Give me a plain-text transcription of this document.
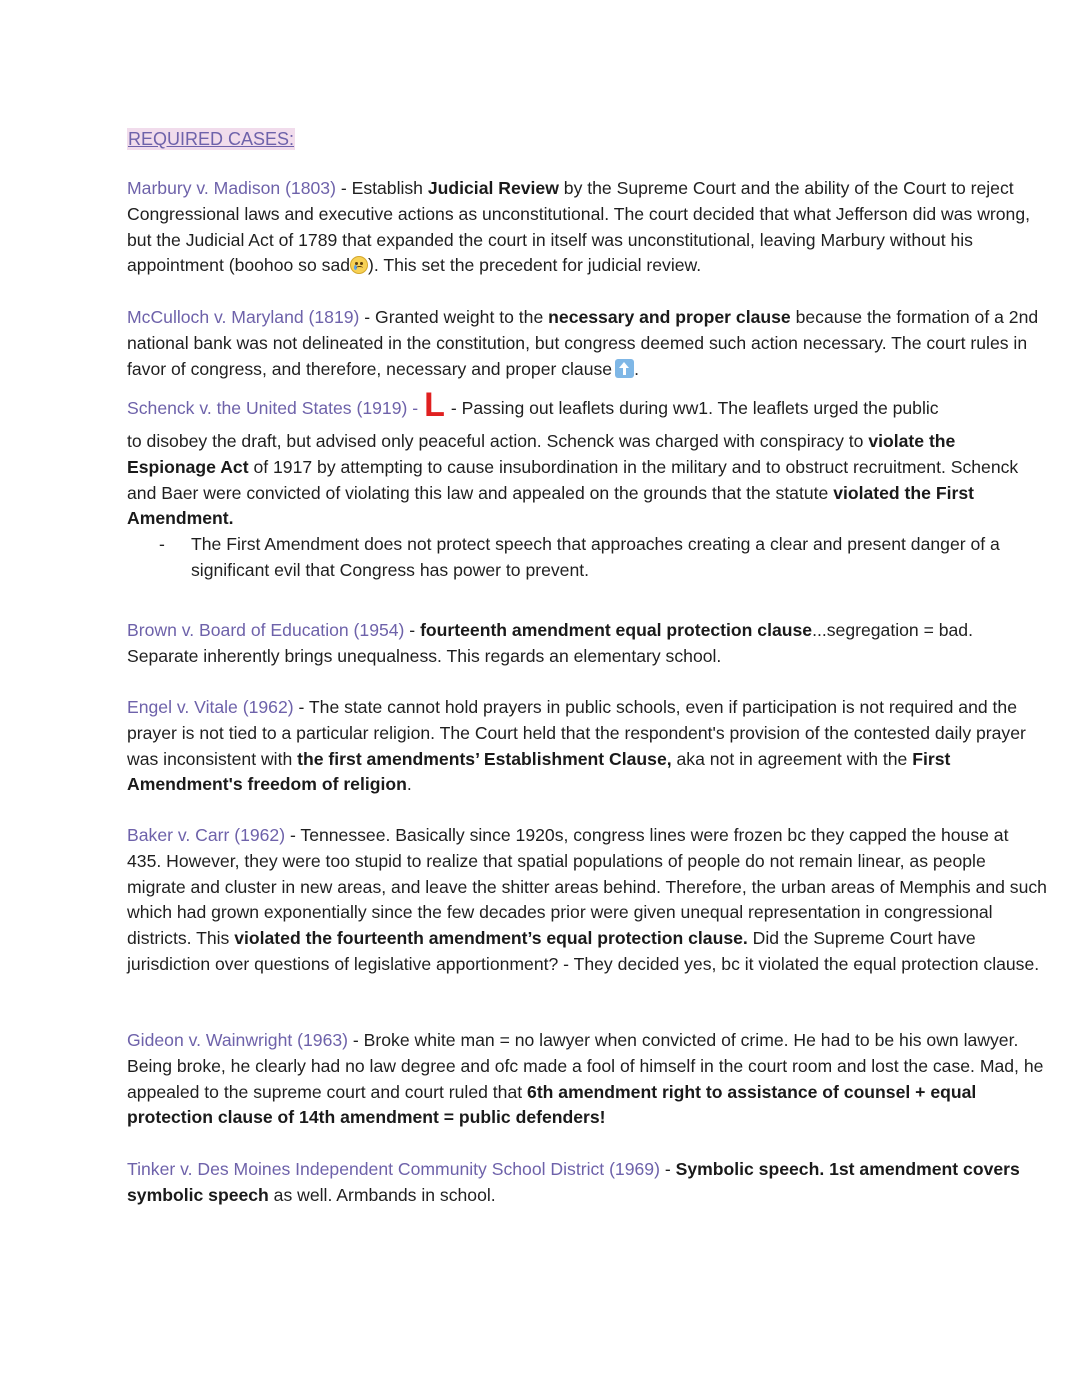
REQUIRED CASES:

Marbury v. Madison (1803) - Establish Judicial Review by the Supreme Court and the ability of the Court to reject Congressional laws and executive actions as unconstitutional. The court decided that what Jefferson did was wrong, but the Judicial Act of 1789 that expanded the court in itself was unconstitutional, leaving Marbury without his appointment (boohoo so sad ). This set the precedent for judicial review.

McCulloch v. Maryland (1819) - Granted weight to the necessary and proper clause because the formation of a 2nd national bank was not delineated in the constitution, but congress deemed such action necessary. The court rules in favor of congress, and therefore, necessary and proper clause .

Schenck v. the United States (1919) - L - Passing out leaflets during ww1. The leaflets urged the public

to disobey the draft, but advised only peaceful action. Schenck was charged with conspiracy to violate the Espionage Act of 1917 by attempting to cause insubordination in the military and to obstruct recruitment. Schenck and Baer were convicted of violating this law and appealed on the grounds that the statute violated the First Amendment.

- The First Amendment does not protect speech that approaches creating a clear and present danger of a significant evil that Congress has power to prevent.

Brown v. Board of Education (1954) - fourteenth amendment equal protection clause...segregation = bad. Separate inherently brings unequalness. This regards an elementary school.

Engel v. Vitale (1962) - The state cannot hold prayers in public schools, even if participation is not required and the prayer is not tied to a particular religion. The Court held that the respondent's provision of the contested daily prayer was inconsistent with the first amendments’ Establishment Clause, aka not in agreement with the First Amendment's freedom of religion.

Baker v. Carr (1962) - Tennessee. Basically since 1920s, congress lines were frozen bc they capped the house at 435. However, they were too stupid to realize that spatial populations of people do not remain linear, as people migrate and cluster in new areas, and leave the shitter areas behind. Therefore, the urban areas of Memphis and such which had grown exponentially since the few decades prior were given unequal representation in congressional districts. This violated the fourteenth amendment’s equal protection clause. Did the Supreme Court have jurisdiction over questions of legislative apportionment? - They decided yes, bc it violated the equal protection clause.

Gideon v. Wainwright (1963) - Broke white man = no lawyer when convicted of crime. He had to be his own lawyer. Being broke, he clearly had no law degree and ofc made a fool of himself in the court room and lost the case. Mad, he appealed to the supreme court and court ruled that 6th amendment right to assistance of counsel + equal protection clause of 14th amendment = public defenders!

Tinker v. Des Moines Independent Community School District (1969) - Symbolic speech. 1st amendment covers symbolic speech as well. Armbands in school.
